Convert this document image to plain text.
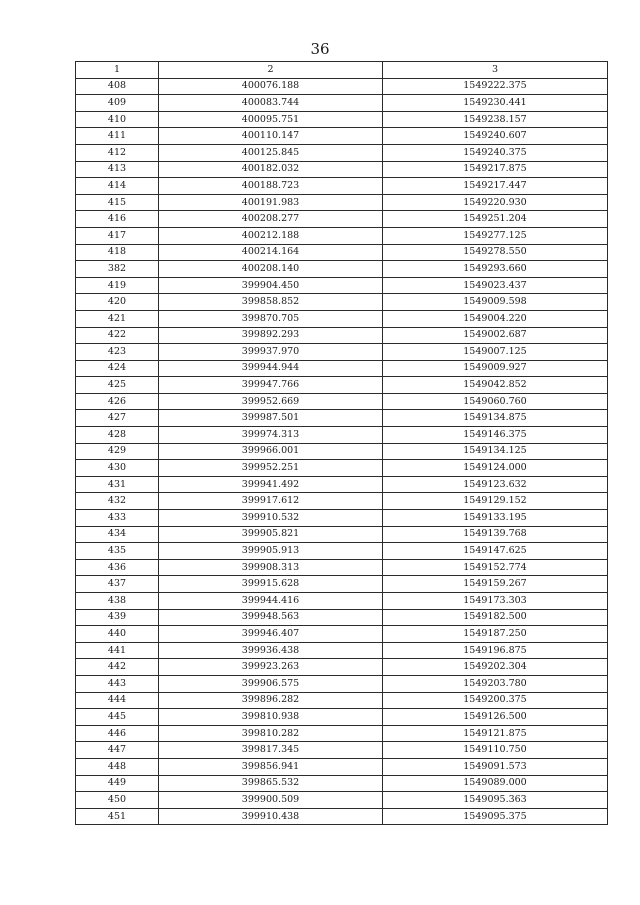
36
1	2	3
408	400076.188	1549222.375
409	400083.744	1549230.441
410	400095.751	1549238.157
411	400110.147	1549240.607
412	400125.845	1549240.375
413	400182.032	1549217.875
414	400188.723	1549217.447
415	400191.983	1549220.930
416	400208.277	1549251.204
417	400212.188	1549277.125
418	400214.164	1549278.550
382	400208.140	1549293.660
419	399904.450	1549023.437
420	399858.852	1549009.598
421	399870.705	1549004.220
422	399892.293	1549002.687
423	399937.970	1549007.125
424	399944.944	1549009.927
425	399947.766	1549042.852
426	399952.669	1549060.760
427	399987.501	1549134.875
428	399974.313	1549146.375
429	399966.001	1549134.125
430	399952.251	1549124.000
431	399941.492	1549123.632
432	399917.612	1549129.152
433	399910.532	1549133.195
434	399905.821	1549139.768
435	399905.913	1549147.625
436	399908.313	1549152.774
437	399915.628	1549159.267
438	399944.416	1549173.303
439	399948.563	1549182.500
440	399946.407	1549187.250
441	399936.438	1549196.875
442	399923.263	1549202.304
443	399906.575	1549203.780
444	399896.282	1549200.375
445	399810.938	1549126.500
446	399810.282	1549121.875
447	399817.345	1549110.750
448	399856.941	1549091.573
449	399865.532	1549089.000
450	399900.509	1549095.363
451	399910.438	1549095.375
